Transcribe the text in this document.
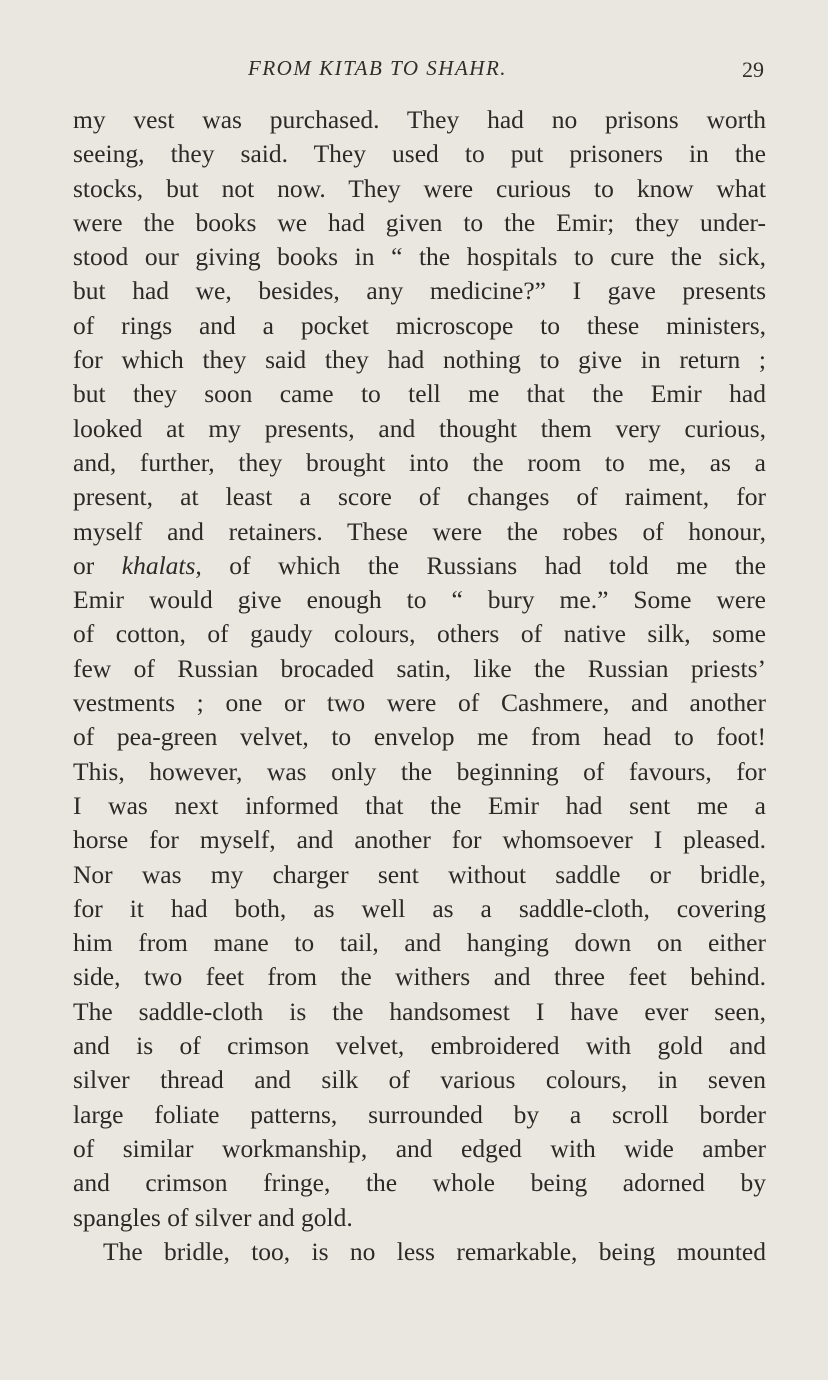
FROM KITAB TO SHAHR.	29
my vest was purchased. They had no prisons worth
seeing, they said. They used to put prisoners in the
stocks, but not now. They were curious to know what
were the books we had given to the Emir; they under-
stood our giving books in “ the hospitals to cure the sick,
but had we, besides, any medicine?” I gave presents
of rings and a pocket microscope to these ministers,
for which they said they had nothing to give in return ;
but they soon came to tell me that the Emir had
looked at my presents, and thought them very curious,
and, further, they brought into the room to me, as a
present, at least a score of changes of raiment, for
myself and retainers. These were the robes of honour,
or khalats, of which the Russians had told me the
Emir would give enough to “ bury me.” Some were
of cotton, of gaudy colours, others of native silk, some
few of Russian brocaded satin, like the Russian priests’
vestments ; one or two were of Cashmere, and another
of pea-green velvet, to envelop me from head to foot!
This, however, was only the beginning of favours, for
I was next informed that the Emir had sent me a
horse for myself, and another for whomsoever I pleased.
Nor was my charger sent without saddle or bridle,
for it had both, as well as a saddle-cloth, covering
him from mane to tail, and hanging down on either
side, two feet from the withers and three feet behind.
The saddle-cloth is the handsomest I have ever seen,
and is of crimson velvet, embroidered with gold and
silver thread and silk of various colours, in seven
large foliate patterns, surrounded by a scroll border
of similar workmanship, and edged with wide amber
and crimson fringe, the whole being adorned by
spangles of silver and gold.
The bridle, too, is no less remarkable, being mounted
